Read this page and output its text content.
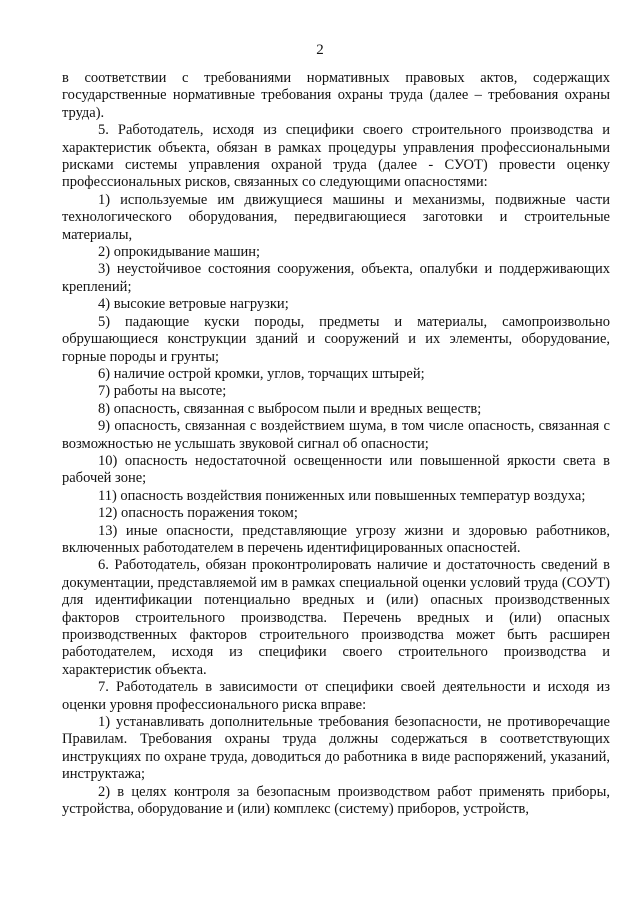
2

в соответствии с требованиями нормативных правовых актов, содержащих государственные нормативные требования охраны труда (далее – требования охраны труда).

5. Работодатель, исходя из специфики своего строительного производства и характеристик объекта, обязан в рамках процедуры управления профессиональными рисками системы управления охраной труда (далее - СУОТ) провести оценку профессиональных рисков, связанных со следующими опасностями:

1) используемые им движущиеся машины и механизмы, подвижные части технологического оборудования, передвигающиеся заготовки и строительные материалы,

2) опрокидывание машин;

3) неустойчивое состояния сооружения, объекта, опалубки и поддерживающих креплений;

4) высокие ветровые нагрузки;

5) падающие куски породы, предметы и материалы, самопроизвольно обрушающиеся конструкции зданий и сооружений и их элементы, оборудование, горные породы и грунты;

6) наличие острой кромки, углов, торчащих штырей;

7) работы на высоте;

8) опасность, связанная с выбросом пыли и вредных веществ;

9) опасность, связанная с воздействием шума, в том числе опасность, связанная с возможностью не услышать звуковой сигнал об опасности;

10) опасность недостаточной освещенности или повышенной яркости света в рабочей зоне;

11) опасность воздействия пониженных или повышенных температур воздуха;

12) опасность поражения током;

13) иные опасности, представляющие угрозу жизни и здоровью работников, включенных работодателем в перечень идентифицированных опасностей.

6. Работодатель, обязан проконтролировать наличие и достаточность сведений в документации, представляемой им в рамках специальной оценки условий труда (СОУТ) для идентификации потенциально вредных и (или) опасных производственных факторов строительного производства. Перечень вредных и (или) опасных производственных факторов строительного производства может быть расширен работодателем, исходя из специфики своего строительного производства и характеристик объекта.

7. Работодатель в зависимости от специфики своей деятельности и исходя из оценки уровня профессионального риска вправе:

1) устанавливать дополнительные требования безопасности, не противоречащие Правилам. Требования охраны труда должны содержаться в соответствующих инструкциях по охране труда, доводиться до работника в виде распоряжений, указаний, инструктажа;

2) в целях контроля за безопасным производством работ применять приборы, устройства, оборудование и (или) комплекс (систему) приборов, устройств,
